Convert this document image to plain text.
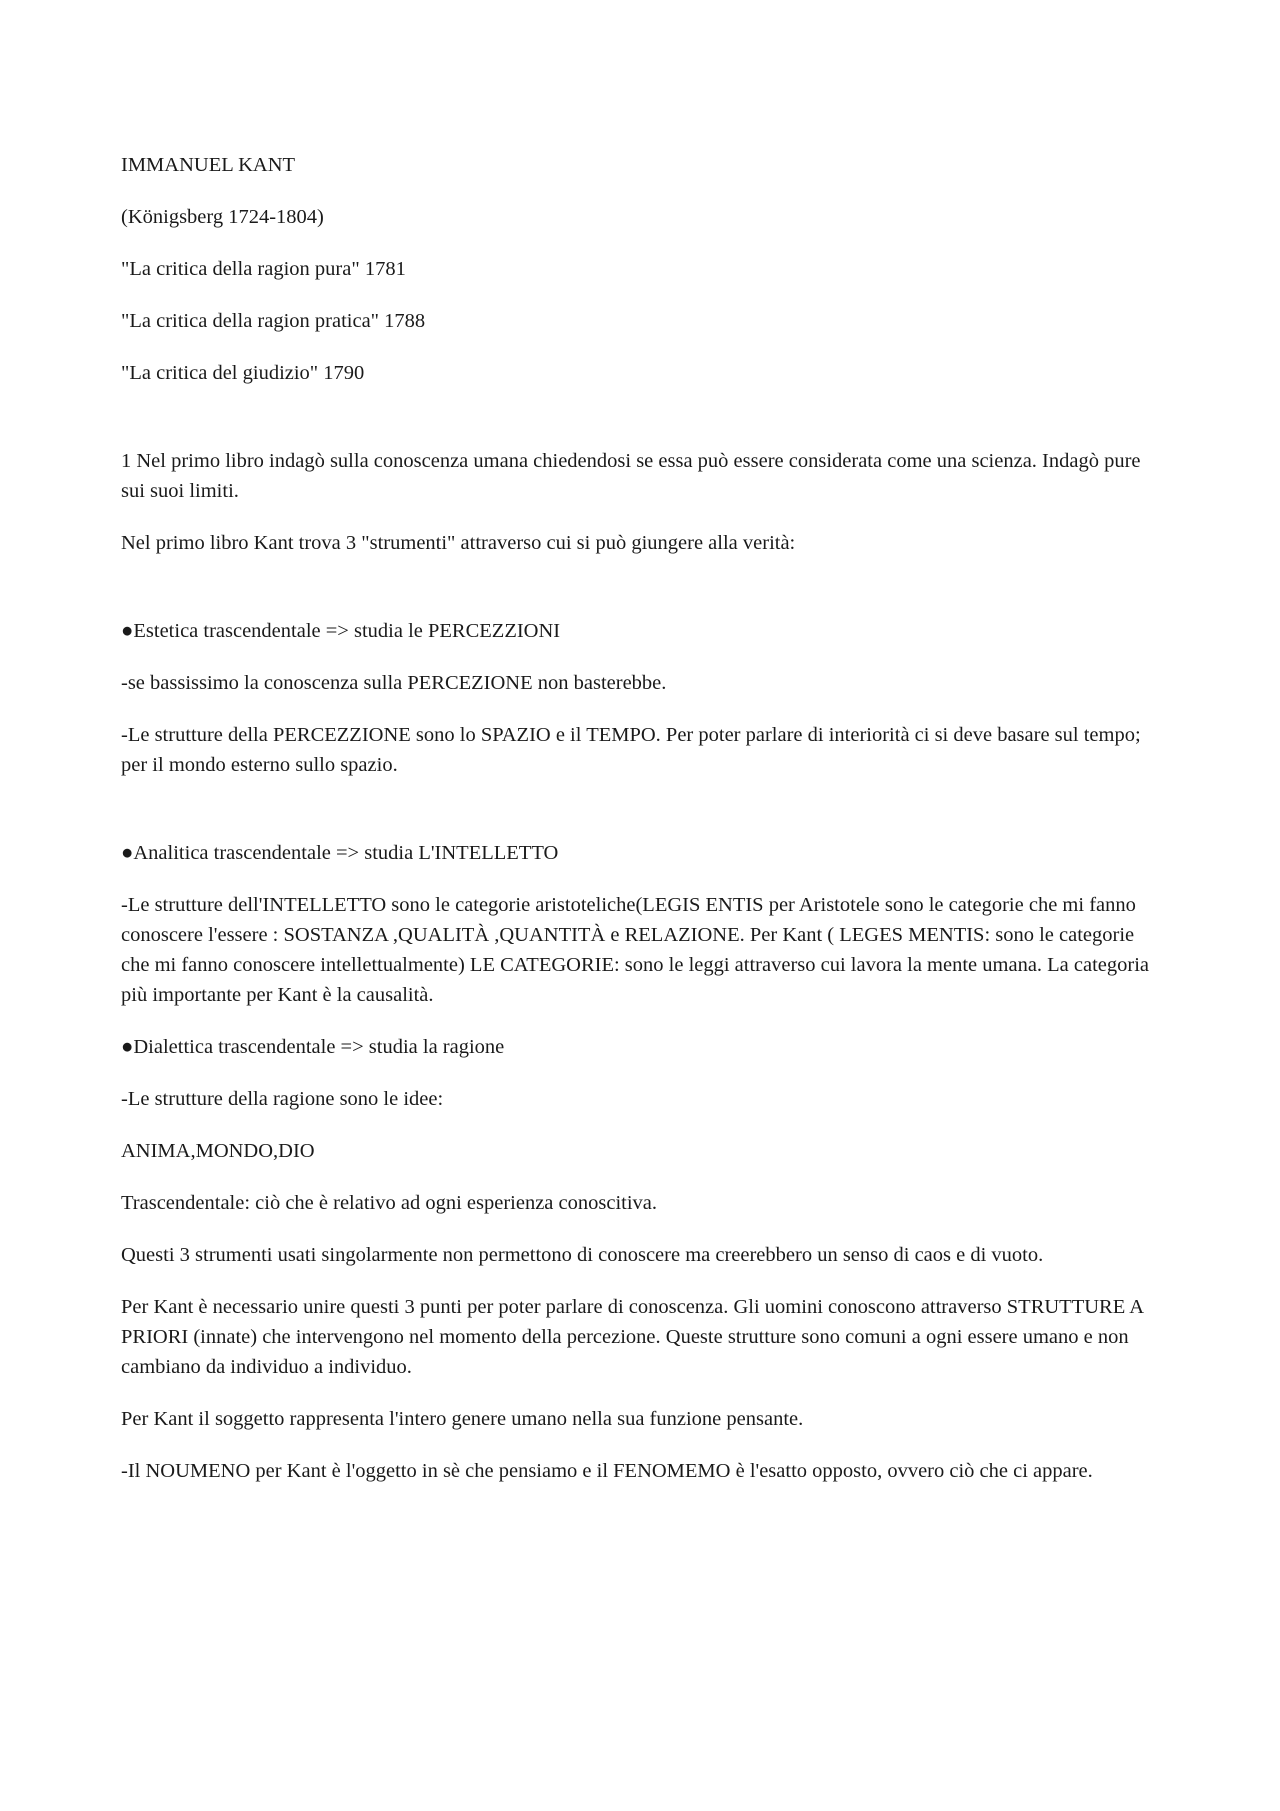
IMMANUEL KANT

(Königsberg 1724-1804)

"La critica della ragion pura" 1781

"La critica della ragion pratica" 1788

"La critica del giudizio" 1790

1 Nel primo libro indagò sulla conoscenza umana chiedendosi se essa può essere considerata come una scienza. Indagò pure sui suoi limiti.

Nel primo libro Kant trova 3 "strumenti" attraverso cui si può giungere alla verità:

●Estetica trascendentale => studia le PERCEZZIONI

-se bassissimo la conoscenza sulla PERCEZIONE non basterebbe.

-Le strutture della PERCEZZIONE sono lo SPAZIO e il TEMPO. Per poter parlare di interiorità ci si deve basare sul tempo; per il mondo esterno sullo spazio.

●Analitica trascendentale => studia L'INTELLETTO

-Le strutture dell'INTELLETTO sono le categorie aristoteliche(LEGIS ENTIS per Aristotele sono le categorie che mi fanno conoscere l'essere : SOSTANZA ,QUALITÀ ,QUANTITÀ e RELAZIONE. Per Kant ( LEGES MENTIS: sono le categorie che mi fanno conoscere intellettualmente) LE CATEGORIE: sono le leggi attraverso cui lavora la mente umana. La categoria più importante per Kant è la causalità.

●Dialettica trascendentale => studia la ragione

-Le strutture della ragione sono le idee:

ANIMA,MONDO,DIO

Trascendentale: ciò che è relativo ad ogni esperienza conoscitiva.

Questi 3 strumenti usati singolarmente non permettono di conoscere ma creerebbero un senso di caos e di vuoto.

Per Kant è necessario unire questi 3 punti per poter parlare di conoscenza. Gli uomini conoscono attraverso STRUTTURE A PRIORI (innate) che intervengono nel momento della percezione. Queste strutture sono comuni a ogni essere umano e non cambiano da individuo a individuo.

Per Kant il soggetto rappresenta l'intero genere umano nella sua funzione pensante.

-Il NOUMENO per Kant è l'oggetto in sè che pensiamo e il FENOMEMO è l'esatto opposto, ovvero ciò che ci appare.
